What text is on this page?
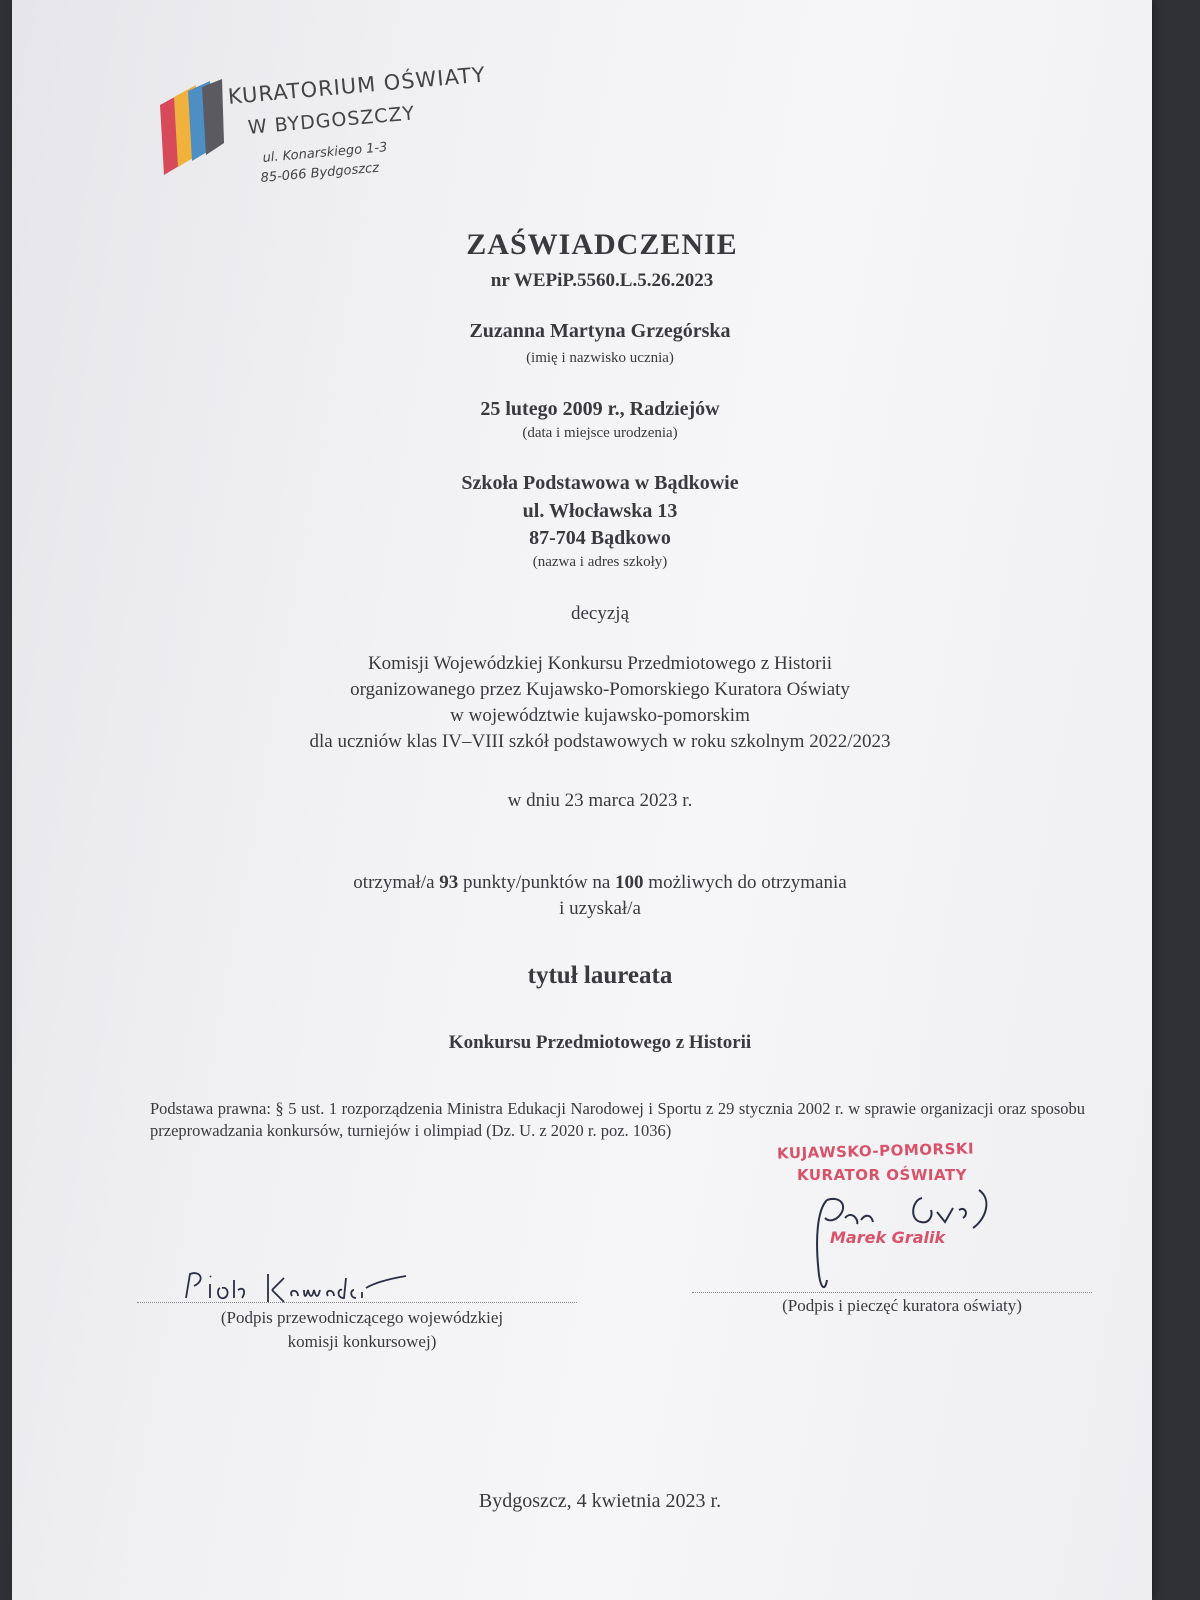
KURATORIUM OŚWIATY
W BYDGOSZCZY
ul. Konarskiego 1-3
85-066 Bydgoszcz
ZAŚWIADCZENIE
nr WEPiP.5560.L.5.26.2023
Zuzanna Martyna Grzegórska
(imię i nazwisko ucznia)
25 lutego 2009 r., Radziejów
(data i miejsce urodzenia)
Szkoła Podstawowa w Bądkowie
ul. Włocławska 13
87-704 Bądkowo
(nazwa i adres szkoły)
decyzją
Komisji Wojewódzkiej Konkursu Przedmiotowego z Historii
organizowanego przez Kujawsko-Pomorskiego Kuratora Oświaty
w województwie kujawsko-pomorskim
dla uczniów klas IV–VIII szkół podstawowych w roku szkolnym 2022/2023
w dniu 23 marca 2023 r.
otrzymał/a 93 punkty/punktów na 100 możliwych do otrzymania
i uzyskał/a
tytuł laureata
Konkursu Przedmiotowego z Historii
Podstawa prawna: § 5 ust. 1 rozporządzenia Ministra Edukacji Narodowej i Sportu z 29 stycznia 2002 r. w sprawie organizacji oraz sposobu przeprowadzania konkursów, turniejów i olimpiad (Dz. U. z 2020 r. poz. 1036)
KUJAWSKO-POMORSKI
KURATOR OŚWIATY
Marek Gralik
(Podpis przewodniczącego wojewódzkiej
komisji konkursowej)
(Podpis i pieczęć kuratora oświaty)
Bydgoszcz, 4 kwietnia 2023 r.
